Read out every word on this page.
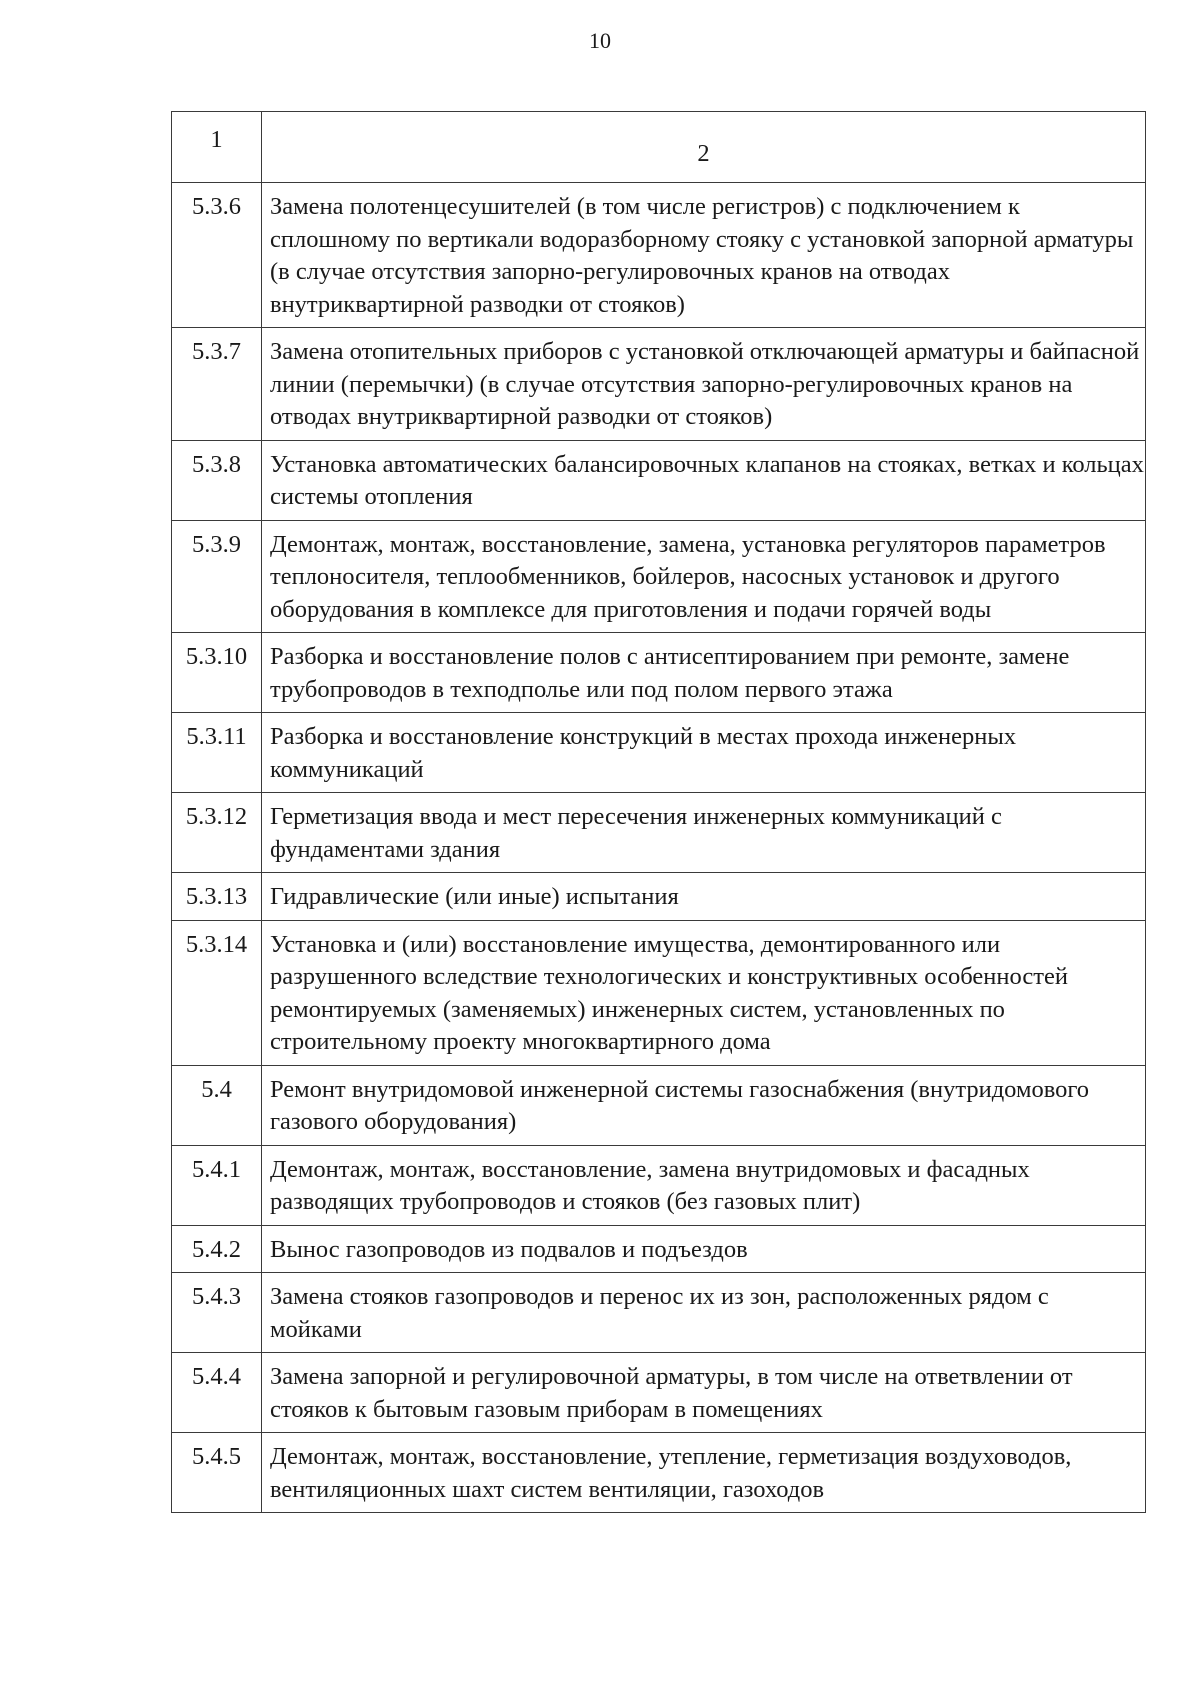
10
1	2
5.3.6	Замена полотенцесушителей (в том числе регистров) с подключением к сплошному по вертикали водоразборному стояку с установкой запорной арматуры (в случае отсутствия запорно-регулировочных кранов на отводах внутриквартирной разводки от стояков)
5.3.7	Замена отопительных приборов с установкой отключающей арматуры и байпасной линии (перемычки) (в случае отсутствия запорно-регулировочных кранов на отводах внутриквартирной разводки от стояков)
5.3.8	Установка автоматических балансировочных клапанов на стояках, ветках и кольцах системы отопления
5.3.9	Демонтаж, монтаж, восстановление, замена, установка регуляторов параметров теплоносителя, теплообменников, бойлеров, насосных установок и другого оборудования в комплексе для приготовления и подачи горячей воды
5.3.10	Разборка и восстановление полов с антисептированием при ремонте, замене трубопроводов в техподполье или под полом первого этажа
5.3.11	Разборка и восстановление конструкций в местах прохода инженерных коммуникаций
5.3.12	Герметизация ввода и мест пересечения инженерных коммуникаций с фундаментами здания
5.3.13	Гидравлические (или иные) испытания
5.3.14	Установка и (или) восстановление имущества, демонтированного или разрушенного вследствие технологических и конструктивных особенностей ремонтируемых (заменяемых) инженерных систем, установленных по строительному проекту многоквартирного дома
5.4	Ремонт внутридомовой инженерной системы газоснабжения (внутридомового газового оборудования)
5.4.1	Демонтаж, монтаж, восстановление, замена внутридомовых и фасадных разводящих трубопроводов и стояков (без газовых плит)
5.4.2	Вынос газопроводов из подвалов и подъездов
5.4.3	Замена стояков газопроводов и перенос их из зон, расположенных рядом с мойками
5.4.4	Замена запорной и регулировочной арматуры, в том числе на ответвлении от стояков к бытовым газовым приборам в помещениях
5.4.5	Демонтаж, монтаж, восстановление, утепление, герметизация воздуховодов, вентиляционных шахт систем вентиляции, газоходов
